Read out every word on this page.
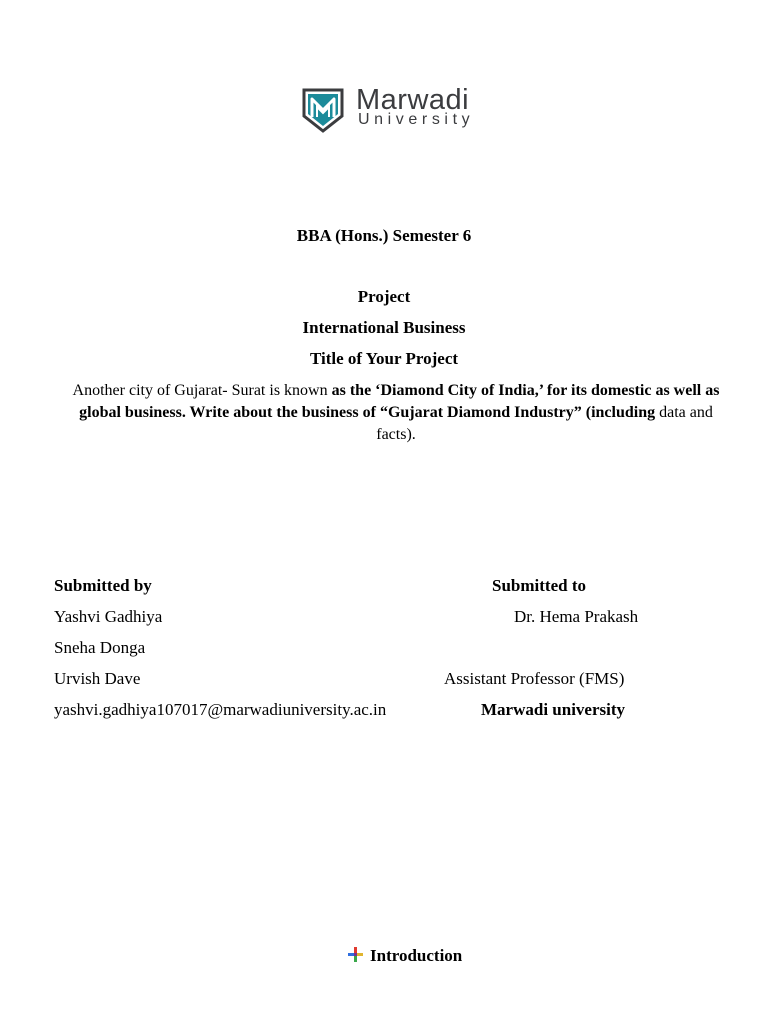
Marwadi
University
BBA (Hons.) Semester 6
Project
International Business
Title of Your Project
Another city of Gujarat- Surat is known as the ‘Diamond City of India,’ for its domestic as well as global business. Write about the business of “Gujarat Diamond Industry” (including data and facts).
Submitted by
Yashvi Gadhiya
Sneha Donga
Urvish Dave
yashvi.gadhiya107017@marwadiuniversity.ac.in
Submitted to
Dr. Hema Prakash
Assistant Professor (FMS)
Marwadi university
Introduction
